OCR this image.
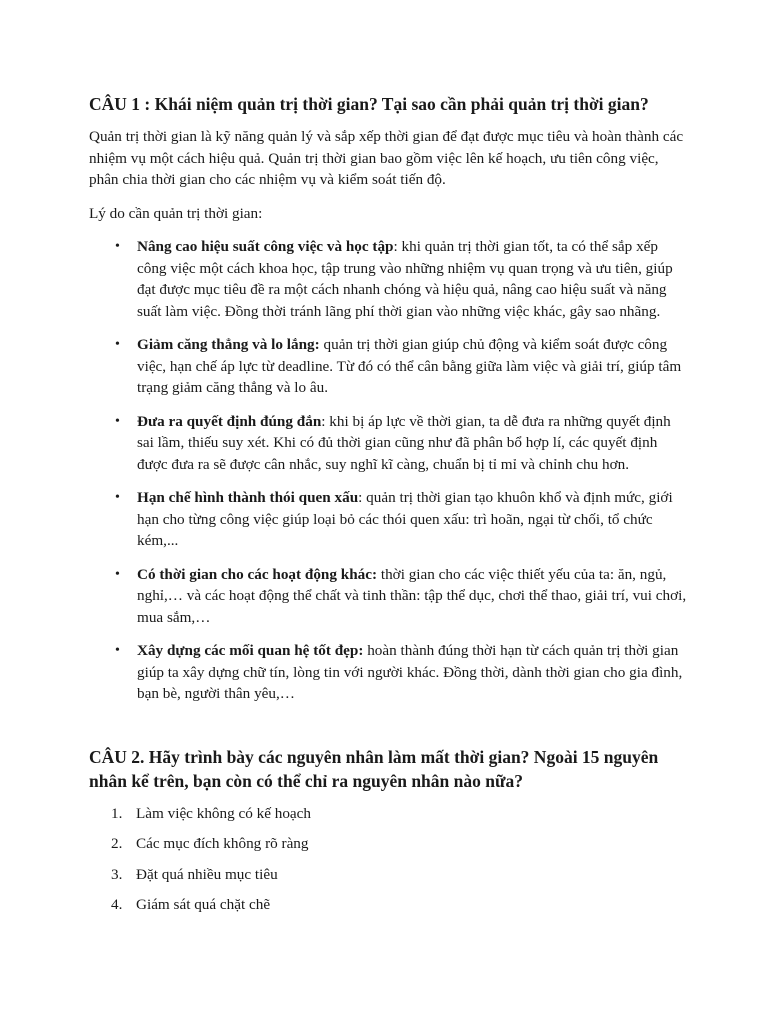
CÂU 1 : Khái niệm quản trị thời gian? Tại sao cần phải quản trị thời gian?

Quản trị thời gian là kỹ năng quản lý và sắp xếp thời gian để đạt được mục tiêu và hoàn thành các nhiệm vụ một cách hiệu quả. Quản trị thời gian bao gồm việc lên kế hoạch, ưu tiên công việc, phân chia thời gian cho các nhiệm vụ và kiểm soát tiến độ.

Lý do cần quản trị thời gian:

• Nâng cao hiệu suất công việc và học tập: khi quản trị thời gian tốt, ta có thể sắp xếp công việc một cách khoa học, tập trung vào những nhiệm vụ quan trọng và ưu tiên, giúp đạt được mục tiêu đề ra một cách nhanh chóng và hiệu quả, nâng cao hiệu suất và năng suất làm việc. Đồng thời tránh lãng phí thời gian vào những việc khác, gây sao nhãng.
• Giảm căng thẳng và lo lắng: quản trị thời gian giúp chủ động và kiểm soát được công việc, hạn chế áp lực từ deadline. Từ đó có thể cân bằng giữa làm việc và giải trí, giúp tâm trạng giảm căng thẳng và lo âu.
• Đưa ra quyết định đúng đắn: khi bị áp lực về thời gian, ta dễ đưa ra những quyết định sai lầm, thiếu suy xét. Khi có đủ thời gian cũng như đã phân bổ hợp lí, các quyết định được đưa ra sẽ được cân nhắc, suy nghĩ kĩ càng, chuẩn bị tỉ mỉ và chỉnh chu hơn.
• Hạn chế hình thành thói quen xấu: quản trị thời gian tạo khuôn khổ và định mức, giới hạn cho từng công việc giúp loại bỏ các thói quen xấu: trì hoãn, ngại từ chối, tổ chức kém,...
• Có thời gian cho các hoạt động khác: thời gian cho các việc thiết yếu của ta: ăn, ngủ, nghỉ,… và các hoạt động thể chất và tinh thần: tập thể dục, chơi thể thao, giải trí, vui chơi, mua sắm,…
• Xây dựng các mối quan hệ tốt đẹp: hoàn thành đúng thời hạn từ cách quản trị thời gian giúp ta xây dựng chữ tín, lòng tin với người khác. Đồng thời, dành thời gian cho gia đình, bạn bè, người thân yêu,…
CÂU 2. Hãy trình bày các nguyên nhân làm mất thời gian? Ngoài 15 nguyên nhân kể trên, bạn còn có thể chỉ ra nguyên nhân nào nữa?
1. Làm việc không có kế hoạch
2. Các mục đích không rõ ràng
3. Đặt quá nhiều mục tiêu
4. Giám sát quá chặt chẽ
